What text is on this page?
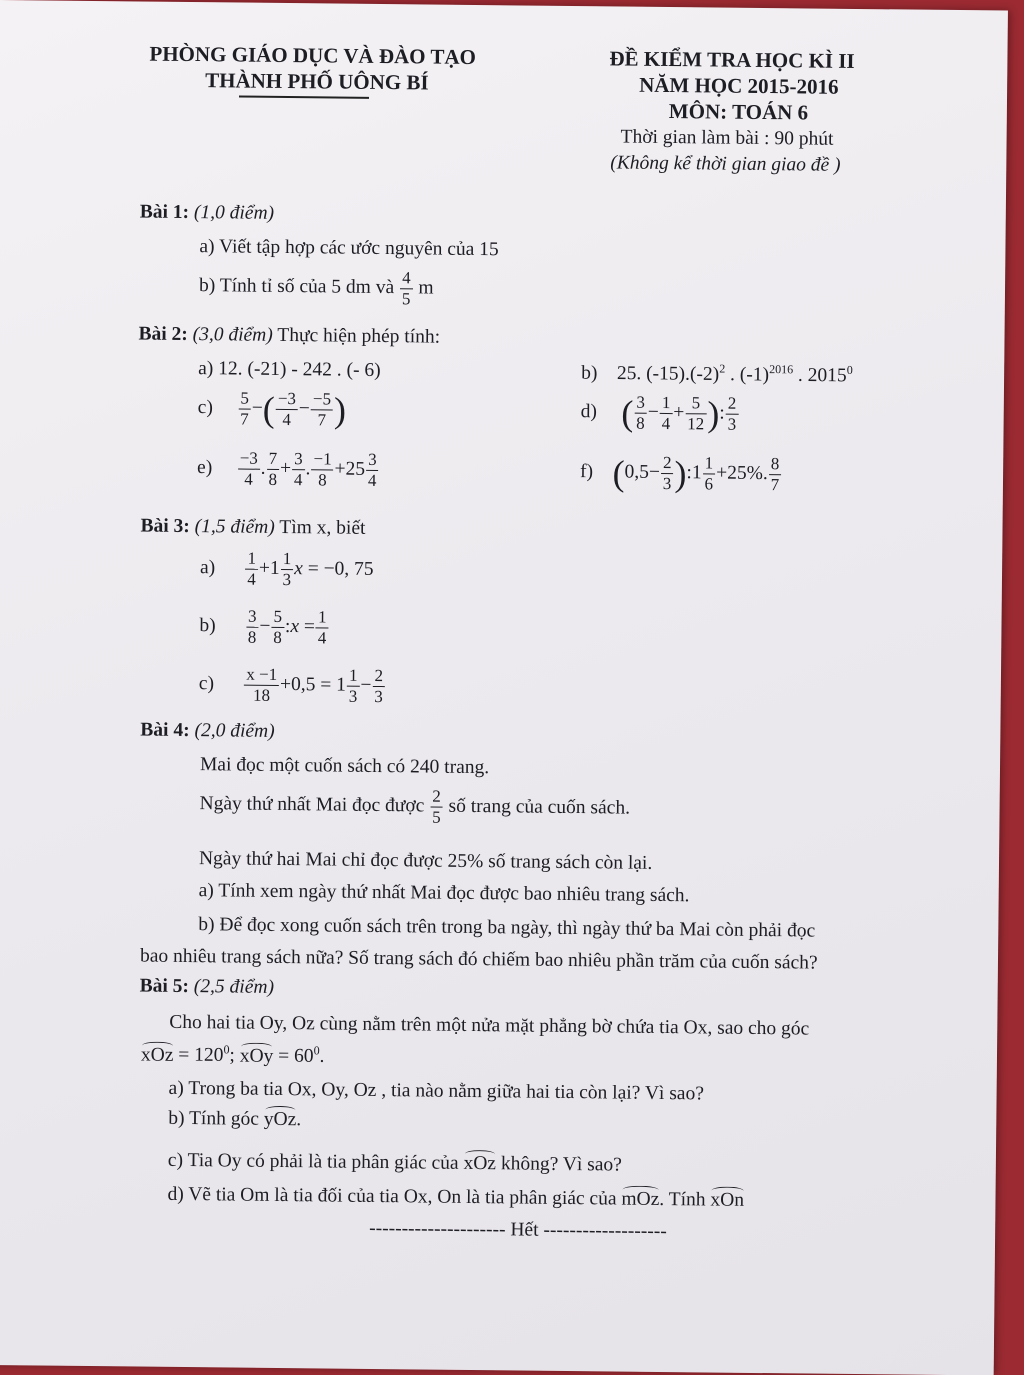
PHÒNG GIÁO DỤC VÀ ĐÀO TẠO
THÀNH PHỐ UÔNG BÍ
ĐỀ KIỂM TRA HỌC KÌ II
NĂM HỌC 2015-2016
MÔN: TOÁN 6
Thời gian làm bài : 90 phút
(Không kể thời gian giao đề )
Bài 1: (1,0 điểm)
a) Viết tập hợp các ước nguyên của 15
b) Tính tỉ số của 5 dm và $\frac{4}{5}$ m
Bài 2: (3,0 điểm) Thực hiện phép tính:
a) 12. (-21) - 242 . (- 6)	b) 25. $(-15).(-2)^2$ . $(-1)^{2016}$ . 2015$^0$
$c) \frac{5}{7}$ −( $\frac{-3}{4} - \frac{-5}{7}$ )	d) ( $\frac{3}{8} - \frac{1}{4} + \frac{5}{12}$ ): $\frac{2}{3}$
$e) \frac{-3}{4}$ . $\frac{7}{8} + \frac{3}{4}$ . $\frac{-1}{8} +25 \frac{3}{4}$	f) ($0,5- \frac{2}{3}$ ):1 $\frac{1}{6} +25\%$. $\frac{8}{7}$
Bài 3: (1,5 điểm) Tìm x, biết
$a) \frac{1}{4} +1 \frac{1}{3}$ x = −0, 75
$b) \frac{3}{8} - \frac{5}{8}$ :x = $\frac{1}{4}$
$c) \frac{x -1}{18} +0,5 = 1 \frac{1}{3} - \frac{2}{3}$
Bài 4: (2,0 điểm)
Mai đọc một cuốn sách có 240 trang.
Ngày thứ nhất Mai đọc được $\frac{2}{5}$ số trang của cuốn sách.
Ngày thứ hai Mai chỉ đọc được 25% số trang sách còn lại.
a) Tính xem ngày thứ nhất Mai đọc được bao nhiêu trang sách.
b) Để đọc xong cuốn sách trên trong ba ngày, thì ngày thứ ba Mai còn phải đọc
bao nhiêu trang sách nữa? Số trang sách đó chiếm bao nhiêu phần trăm của cuốn sách?
Bài 5: (2,5 điểm)
Cho hai tia Oy, Oz cùng nằm trên một nửa mặt phẳng bờ chứa tia Ox, sao cho góc
xOz = $120^0$; xOy = $60^0$.
a) Trong ba tia Ox, Oy, Oz , tia nào nằm giữa hai tia còn lại? Vì sao?
b) Tính góc yOz.
c) Tia Oy có phải là tia phân giác của xOz không? Vì sao?
d) Vẽ tia Om là tia đối của tia Ox, On là tia phân giác của mOz. Tính xOn
--------------------- Hết -------------------
